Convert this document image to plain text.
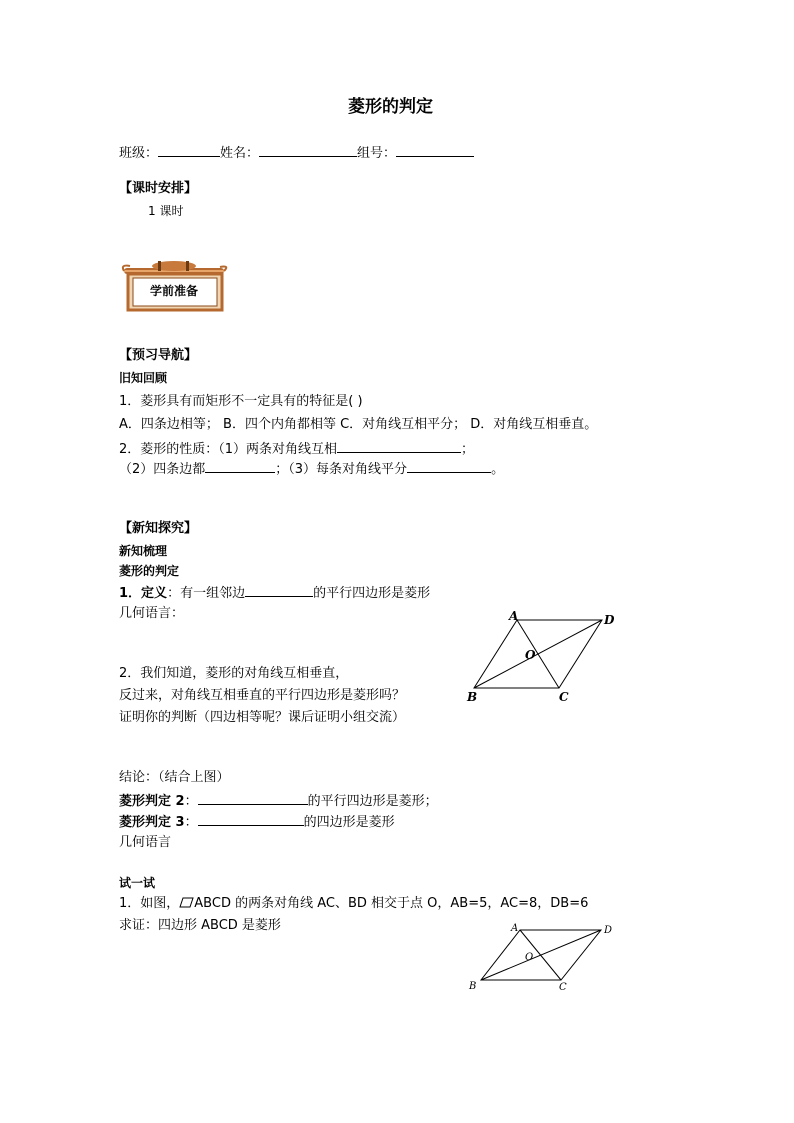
菱形的判定
班级：	姓名：	组号：
【课时安排】
1 课时
学前准备
【预习导航】
旧知回顾
1．菱形具有而矩形不一定具有的特征是( )
A．四条边相等； B．四个内角都相等 C．对角线互相平分； D．对角线互相垂直。
2．菱形的性质：（1）两条对角线互相	；
（2）四条边都	；（3）每条对角线平分	。
【新知探究】
新知梳理
菱形的判定
1．定义：有一组邻边	的平行四边形是菱形
几何语言：
2．我们知道，菱形的对角线互相垂直，
反过来，对角线互相垂直的平行四边形是菱形吗？
证明你的判断（四边相等呢？课后证明小组交流）
A	D
B	C
O
结论：（结合上图）
菱形判定 2：	的平行四边形是菱形；
菱形判定 3：	的四边形是菱形
几何语言
试一试
1．如图， ABCD 的两条对角线 AC、BD 相交于点 O，AB=5，AC=8，DB=6
求证：四边形 ABCD 是菱形	A	D
B	C
O
